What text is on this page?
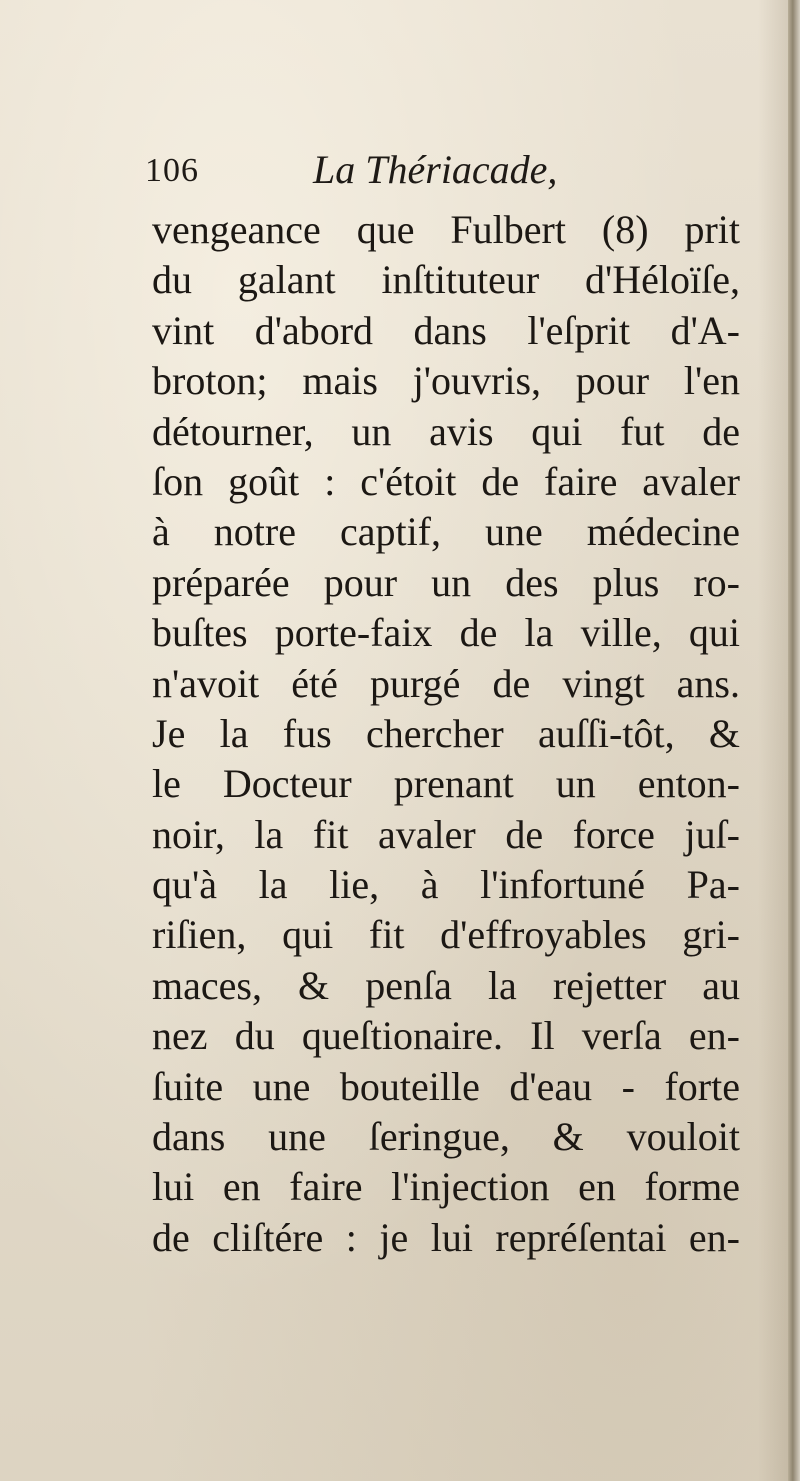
106	La Thériacade,
vengeance que Fulbert (8) prit
du galant inſtituteur d'Héloïſe,
vint d'abord dans l'eſprit d'A-
broton; mais j'ouvris, pour l'en
détourner, un avis qui fut de
ſon goût : c'étoit de faire avaler
à notre captif, une médecine
préparée pour un des plus ro-
buſtes porte-faix de la ville, qui
n'avoit été purgé de vingt ans.
Je la fus chercher auſſi-tôt, &
le Docteur prenant un enton-
noir, la fit avaler de force juſ-
qu'à la lie, à l'infortuné Pa-
riſien, qui fit d'effroyables gri-
maces, & penſa la rejetter au
nez du queſtionaire. Il verſa en-
ſuite une bouteille d'eau - forte
dans une ſeringue, & vouloit
lui en faire l'injection en forme
de cliſtére : je lui repréſentai en-
